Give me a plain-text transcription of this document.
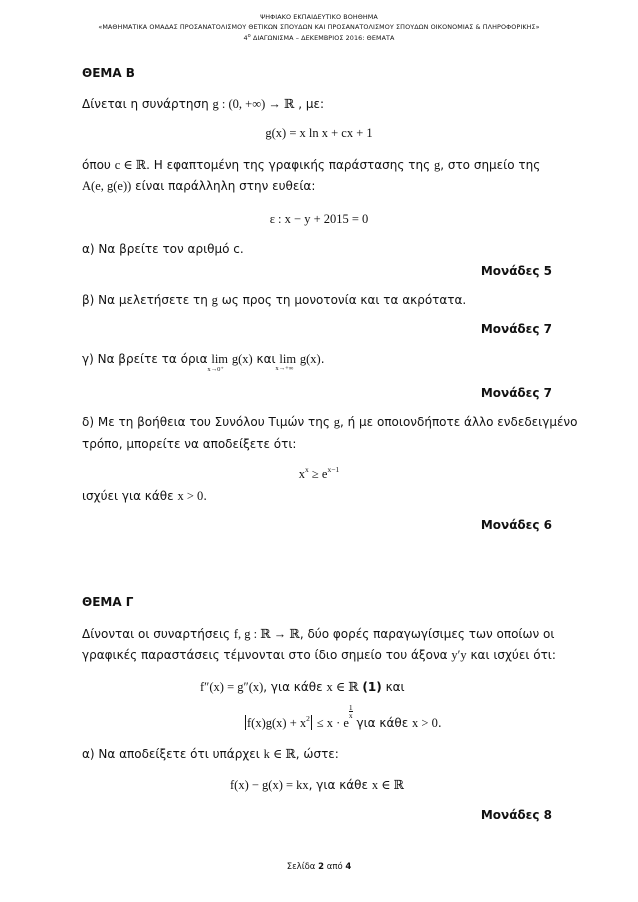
ΨΗΦΙΑΚΟ ΕΚΠΑΙΔΕΥΤΙΚΟ ΒΟΗΘΗΜΑ
«ΜΑΘΗΜΑΤΙΚΑ ΟΜΑΔΑΣ ΠΡΟΣΑΝΑΤΟΛΙΣΜΟΥ ΘΕΤΙΚΩΝ ΣΠΟΥΔΩΝ ΚΑΙ ΠΡΟΣΑΝΑΤΟΛΙΣΜΟΥ ΣΠΟΥΔΩΝ ΟΙΚΟΝΟΜΙΑΣ & ΠΛΗΡΟΦΟΡΙΚΗΣ»
$4^o$ ΔΙΑΓΩΝΙΣΜΑ – ΔΕΚΕΜΒΡΙΟΣ 2016: ΘΕΜΑΤΑ
ΘΕΜΑ Β
Δίνεται η συνάρτηση g : (0, +∞) → ℝ , με:
g(x) = x ln x + cx + 1
όπου c ∈ ℝ. Η εφαπτομένη της γραφικής παράστασης της g, στο σημείο της
A(e, g(e)) είναι παράλληλη στην ευθεία:
ε : x − y + 2015 = 0
α) Να βρείτε τον αριθμό c.
Μονάδες 5
β) Να μελετήσετε τη g ως προς τη μονοτονία και τα ακρότατα.
Μονάδες 7
γ) Να βρείτε τα όρια lim
x→0⁺
g(x) και lim
x→+∞
g(x).
Μονάδες 7
δ) Με τη βοήθεια του Συνόλου Τιμών της g, ή με οποιονδήποτε άλλο ενδεδειγμένο
τρόπο, μπορείτε να αποδείξετε ότι:
$x^x \ge e^{x-1}$
ισχύει για κάθε x > 0.
Μονάδες 6
ΘΕΜΑ Γ
Δίνονται οι συναρτήσεις f, g : ℝ → ℝ, δύο φορές παραγωγίσιμες των οποίων οι
γραφικές παραστάσεις τέμνονται στο ίδιο σημείο του άξονα y′y και ισχύει ότι:
f″(x) = g″(x), για κάθε x ∈ ℝ (1) και
$f(x)g(x) + x^2 \le x \cdot e$
$\frac{1}{x}$
για κάθε x > 0.
α) Να αποδείξετε ότι υπάρχει k ∈ ℝ, ώστε:
f(x) − g(x) = kx, για κάθε x ∈ ℝ
Μονάδες 8
Σελίδα 2 από 4
